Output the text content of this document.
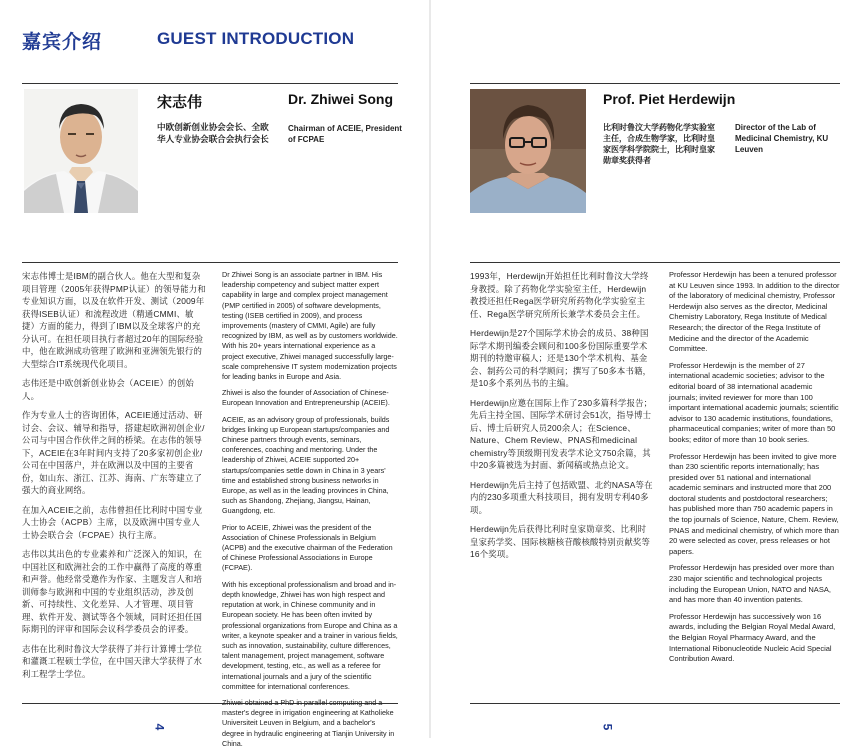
嘉宾介绍	GUEST INTRODUCTION
宋志伟	Dr. Zhiwei Song
中欧创新创业协会会长、全欧华人专业协会联合会执行会长
Chairman of ACEIE, President of FCPAE
Prof. Piet Herdewijn
比利时鲁汶大学药物化学实验室主任，合成生物学家，比利时皇家医学科学院院士，比利时皇家勋章奖获得者
Director of the Lab of Medicinal Chemistry, KU Leuven

宋志伟博士是IBM的副合伙人。他在大型和复杂项目管理（2005年获得PMP认证）的领导能力和专业知识方面，以及在软件开发、测试（2009年获得ISEB认证）和流程改进（精通CMMI、敏捷）方面的能力，得到了IBM以及全球客户的充分认可。在担任项目执行者超过20年的国际经验中，他在欧洲成功管理了欧洲和亚洲领先银行的大型综合IT系统现代化项目。

志伟还是中欧创新创业协会（ACEIE）的创始人。

作为专业人士的咨询团体，ACEIE通过活动、研讨会、会议、辅导和指导，搭建起欧洲初创企业/公司与中国合作伙伴之间的桥梁。在志伟的领导下，ACEIE在3年时间内支持了20多家初创企业/公司在中国落户，并在欧洲以及中国的主要省份，如山东、浙江、江苏、海南、广东等建立了强大的商业网络。

在加入ACEIE之前，志伟曾担任比利时中国专业人士协会（ACPB）主席，以及欧洲中国专业人士协会联合会（FCPAE）执行主席。

志伟以其出色的专业素养和广泛深入的知识，在中国社区和欧洲社会的工作中赢得了高度的尊重和声誉。他经常受邀作为作家、主题发言人和培训师参与欧洲和中国的专业组织活动，涉及创新、可持续性、文化差异、人才管理、项目管理、软件开发、测试等各个领域，同时还担任国际期刊的评审和国际会议科学委员会的评委。

志伟在比利时鲁汶大学获得了并行计算博士学位和灌溉工程硕士学位，在中国天津大学获得了水利工程学士学位。

Dr Zhiwei Song is an associate partner in IBM. His leadership competency and subject matter expert capability in large and complex project management (PMP certified in 2005) of software developments, testing (ISEB certified in 2009), and process improvements (mastery of CMMI, Agile) are fully recognized by IBM, as well as by customers worldwide. With his 20+ years international experience as a project executive, Zhiwei managed successfully large-scale comprehensive IT system modernization projects for leading banks in Europe and Asia.

Zhiwei is also the founder of Association of Chinese-European Innovation and Entrepreneurship (ACEIE).

ACEIE, as an advisory group of professionals, builds bridges linking up European startups/companies and Chinese partners through events, seminars, conferences, coaching and mentoring. Under the leadership of Zhiwei, ACEIE supported 20+ startups/companies settle down in China in 3 years' time and established strong business networks in Europe, as well as in the leading provinces in China, such as Shandong, Zhejiang, Jiangsu, Hainan, Guangdong, etc.

Prior to ACEIE, Zhiwei was the president of the Association of Chinese Professionals in Belgium (ACPB) and the executive chairman of the Federation of Chinese Professional Associations in Europe (FCPAE).

With his exceptional professionalism and broad and in-depth knowledge, Zhiwei has won high respect and reputation at work, in Chinese community and in European society. He has been often invited by professional organizations from Europe and China as a writer, a keynote speaker and a trainer in various fields, such as innovation, sustainability, culture differences, talent management, project management, software development, testing, etc., as well as a referee for international journals and a jury of the scientific committee for international conferences.

Zhiwei obtained a PhD in parallel computing and a master's degree in irrigation engineering at Katholieke Universiteit Leuven in Belgium, and a bachelor's degree in hydraulic engineering at Tianjin University in China.

1993年，Herdewijn开始担任比利时鲁汶大学终身教授。除了药物化学实验室主任，Herdewijn教授还担任Rega医学研究所药物化学实验室主任、Rega医学研究所所长兼学术委员会主任。

Herdewijn是27个国际学术协会的成员、38种国际学术期刊编委会顾问和100多份国际重要学术期刊的特邀审稿人；还是130个学术机构、基金会、制药公司的科学顾问；撰写了50多本书籍，是10多个系列丛书的主编。

Herdewijn应邀在国际上作了230多篇科学报告；先后主持全国、国际学术研讨会51次，指导博士后、博士后研究人员200余人；在Science、Nature、Chem Review、PNAS和medicinal chemistry等顶级期刊发表学术论文750余篇，其中20多篇被选为封面、新闻稿或热点论文。

Herdewijn先后主持了包括欧盟、北约NASA等在内的230多项重大科技项目，拥有发明专利40多项。

Herdewijn先后获得比利时皇家勋章奖、比利时皇家药学奖、国际核糖核苷酸核酸特别贡献奖等16个奖项。

Professor Herdewijn has been a tenured professor at KU Leuven since 1993. In addition to the director of the laboratory of medicinal chemistry, Professor Herdewijn also serves as the director, Medicinal Chemistry Laboratory, Rega Institute of Medical Research; the director of the Rega Institute of Medicine and the director of the Academic Committee.

Professor Herdewijn is the member of 27 international academic societies; advisor to the editorial board of 38 international academic journals; invited reviewer for more than 100 important international academic journals; scientific advisor to 130 academic institutions, foundations, pharmaceutical companies; writer of more than 50 books; editor of more than 10 book series.

Professor Herdewijn has been invited to give more than 230 scientific reports internationally; has presided over 51 national and international academic seminars and instructed more that 200 doctoral students and postdoctoral researchers; has published more than 750 academic papers in the top journals of Science, Nature, Chem. Review, PNAS and medicinal chemistry, of which more than 20 were selected as cover, press releases or hot papers.

Professor Herdewijn has presided over more than 230 major scientific and technological projects including the European Union, NATO and NASA, and has more than 40 invention patents.

Professor Herdewijn has successively won 16 awards, including the Belgian Royal Medal Award, the Belgian Royal Pharmacy Award, and the International Ribonucleotide Nucleic Acid Special Contribution Award.

4	5
